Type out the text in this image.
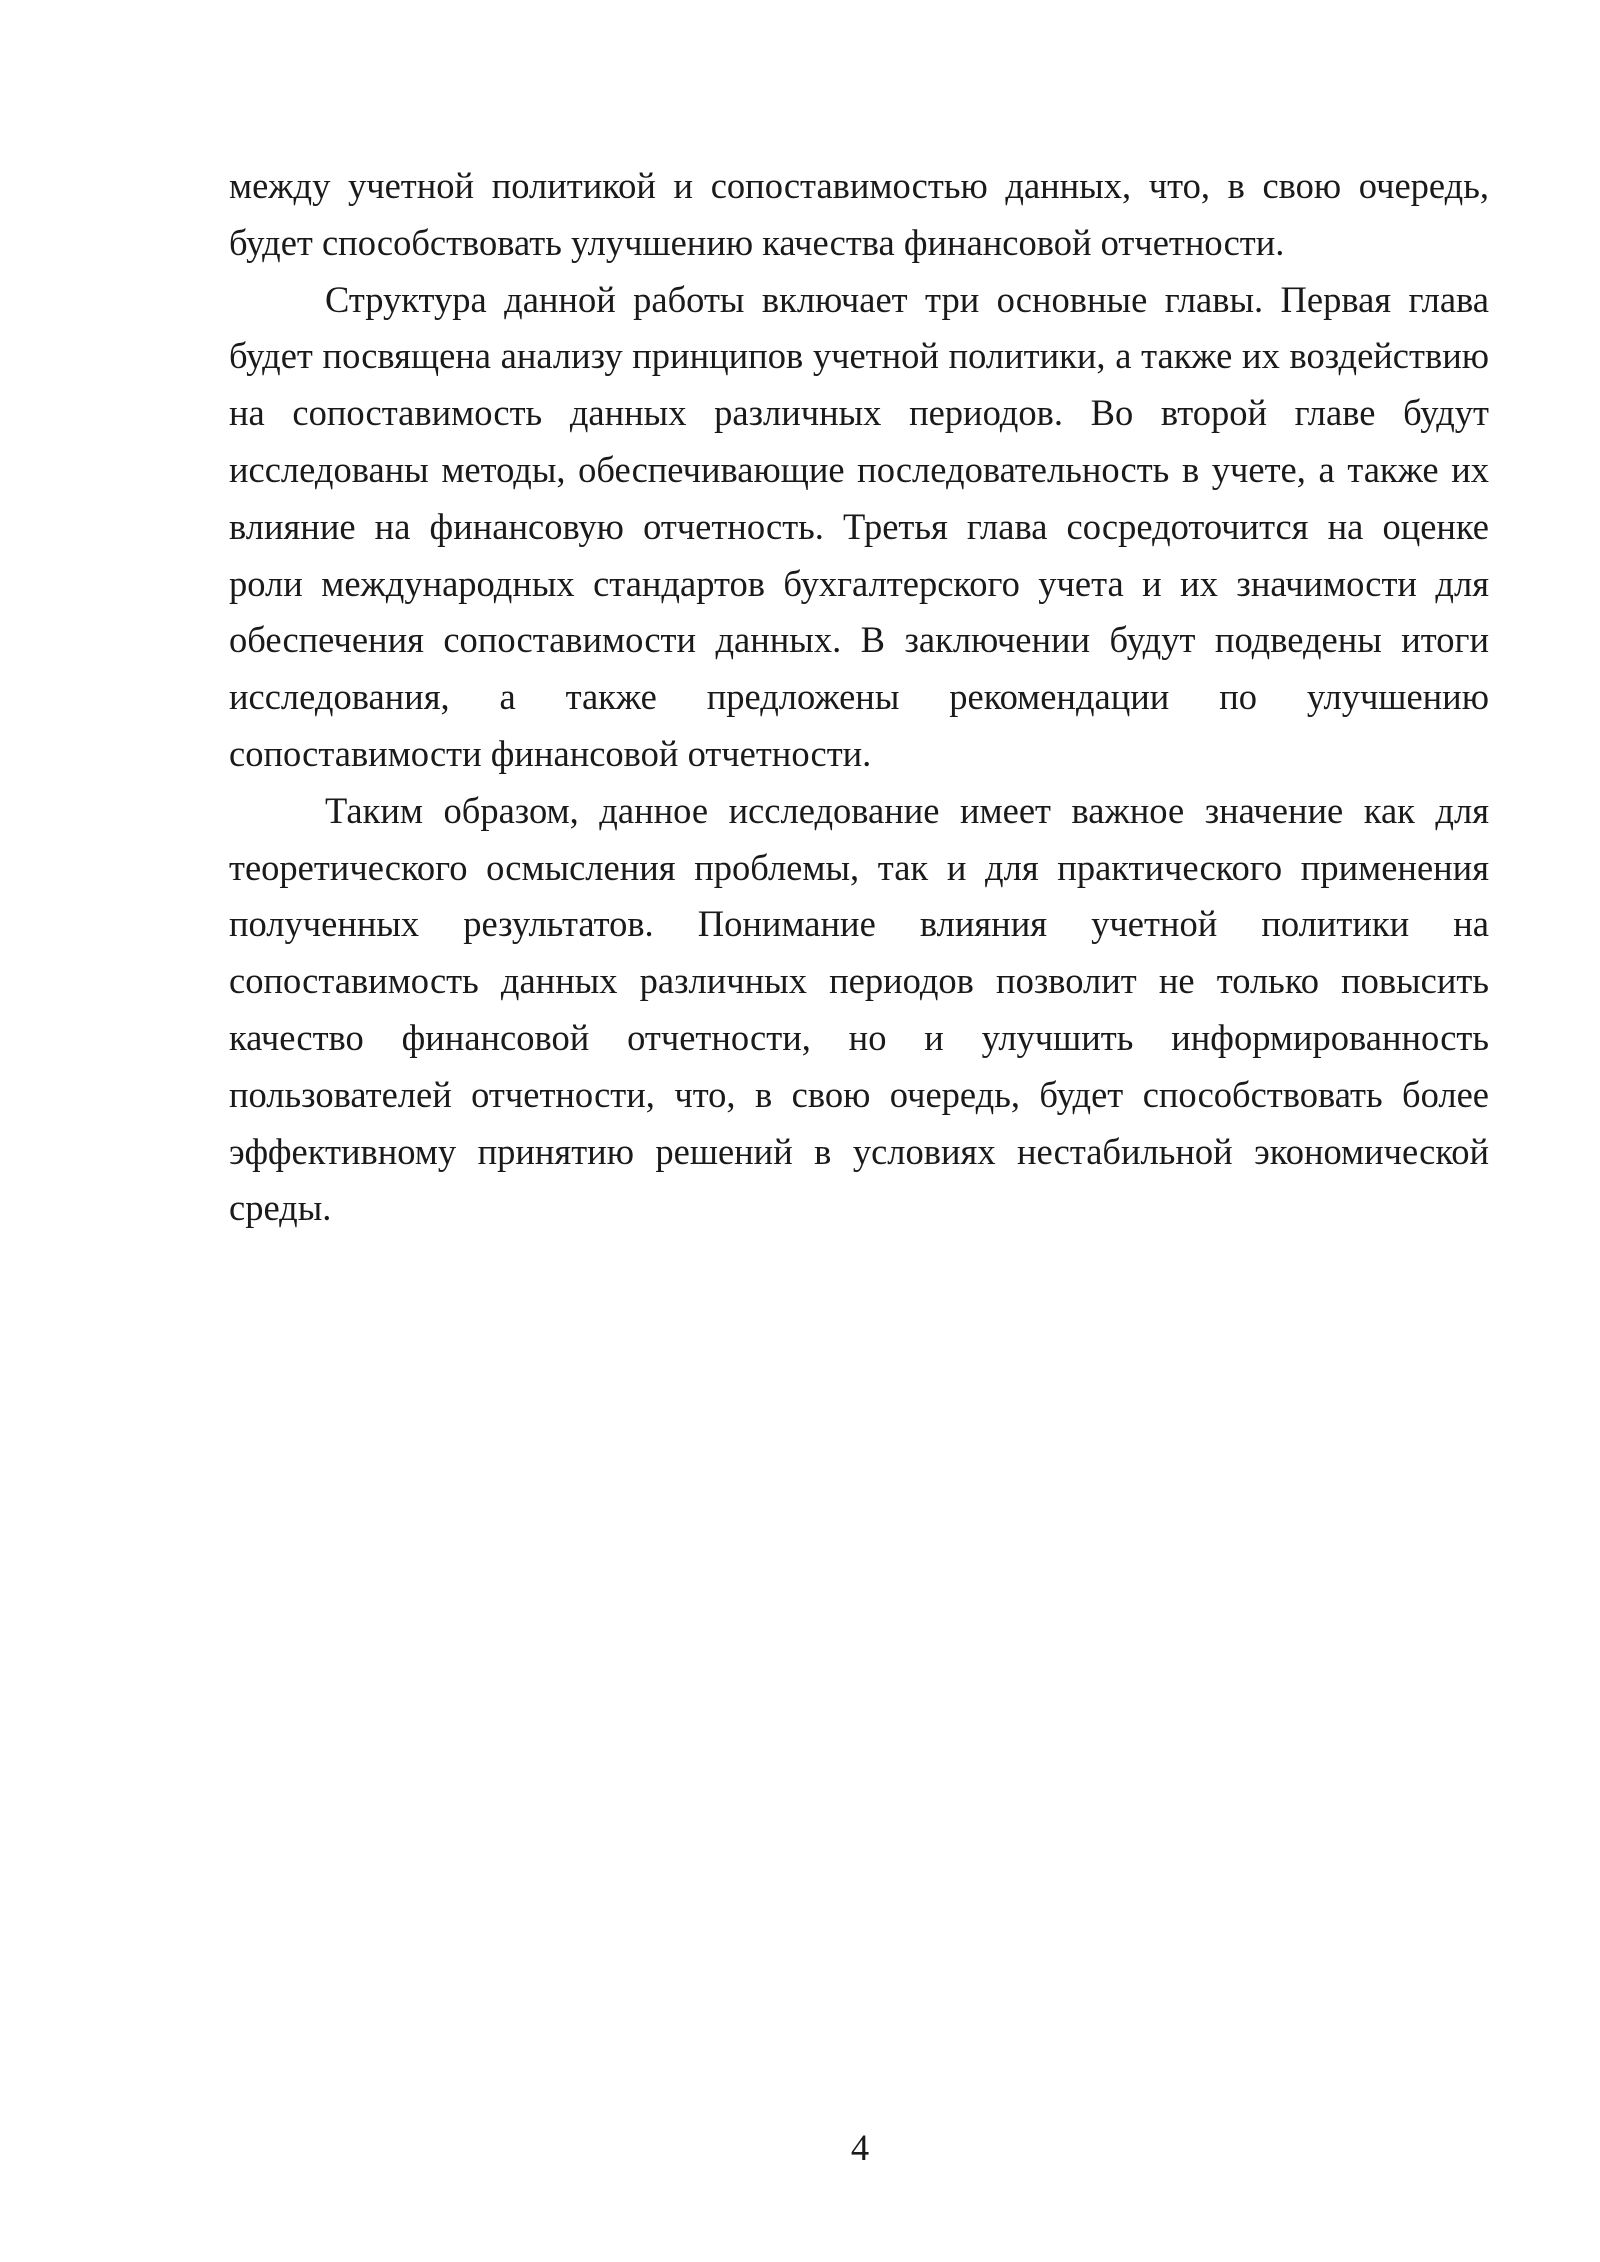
между учетной политикой и сопоставимостью данных, что, в свою очередь, будет способствовать улучшению качества финансовой отчетности.

Структура данной работы включает три основные главы. Первая глава будет посвящена анализу принципов учетной политики, а также их воздействию на сопоставимость данных различных периодов. Во второй главе будут исследованы методы, обеспечивающие последовательность в учете, а также их влияние на финансовую отчетность. Третья глава сосредоточится на оценке роли международных стандартов бухгалтерского учета и их значимости для обеспечения сопоставимости данных. В заключении будут подведены итоги исследования, а также предложены рекомендации по улучшению сопоставимости финансовой отчетности.

Таким образом, данное исследование имеет важное значение как для теоретического осмысления проблемы, так и для практического применения полученных результатов. Понимание влияния учетной политики на сопоставимость данных различных периодов позволит не только повысить качество финансовой отчетности, но и улучшить информированность пользователей отчетности, что, в свою очередь, будет способствовать более эффективному принятию решений в условиях нестабильной экономической среды.

4
